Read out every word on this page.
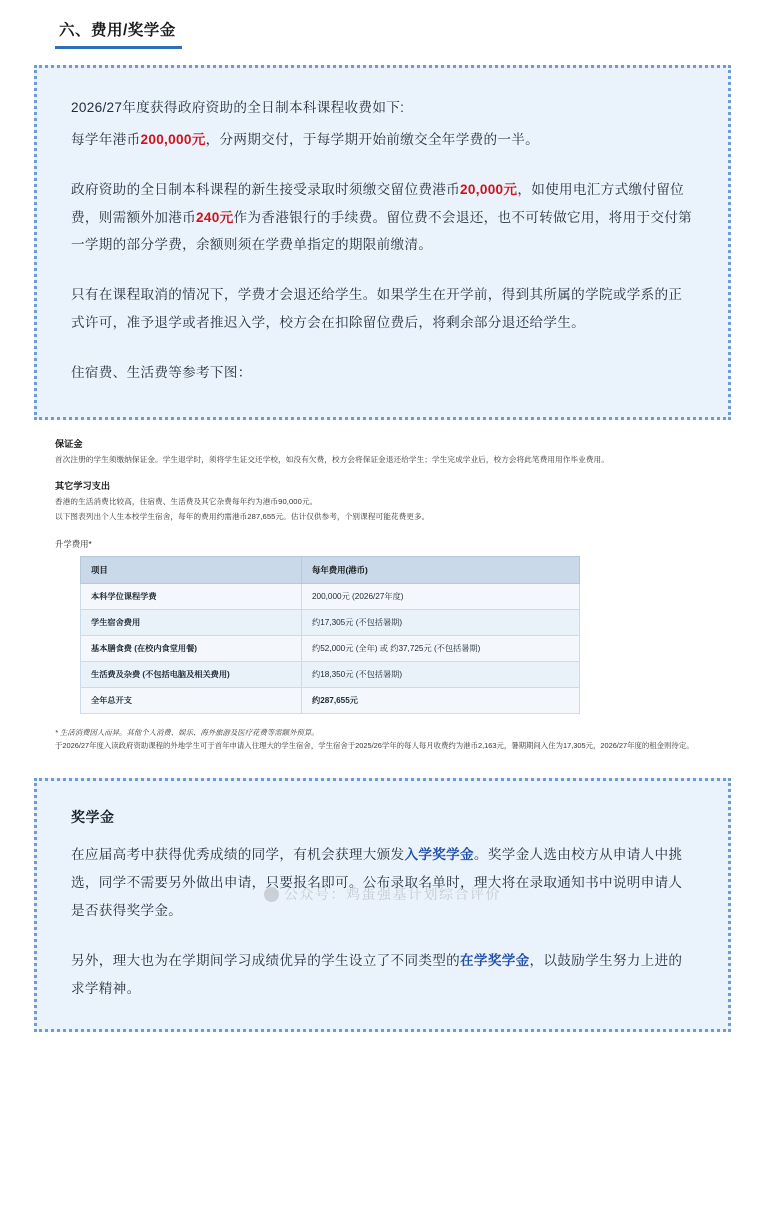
六、费用/奖学金

2026/27年度获得政府资助的全日制本科课程收费如下:

每学年港币200,000元，分两期交付，于每学期开始前缴交全年学费的一半。

政府资助的全日制本科课程的新生接受录取时须缴交留位费港币20,000元，如使用电汇方式缴付留位费，则需额外加港币240元作为香港银行的手续费。留位费不会退还，也不可转做它用，将用于交付第一学期的部分学费，余额则须在学费单指定的期限前缴清。

只有在课程取消的情况下，学费才会退还给学生。如果学生在开学前，得到其所属的学院或学系的正式许可，准予退学或者推迟入学，校方会在扣除留位费后，将剩余部分退还给学生。

住宿费、生活费等参考下图：

保证金
首次注册的学生须缴纳保证金。学生退学时，须将学生证交还学校，如没有欠费，校方会将保证金退还给学生；学生完成学业后，校方会将此笔费用用作毕业费用。
其它学习支出
香港的生活消费比较高，住宿费、生活费及其它杂费每年约为港币90,000元。
以下图表列出个人生本校学生宿舍，每年的费用约需港币287,655元。估计仅供参考，个别课程可能花费更多。
升学费用*
项目	每年费用(港币)
本科学位课程学费	200,000元 (2026/27年度)
学生宿舍费用	约17,305元 (不包括暑期)
基本膳食费 (在校内食堂用餐)	约52,000元 (全年) 或 约37,725元 (不包括暑期)
生活费及杂费 (不包括电脑及相关费用)	约18,350元 (不包括暑期)
全年总开支	约287,655元
* 生活消费因人而异。其他个人消费、娱乐、海外旅游及医疗花费等需额外预算。
于2026/27年度入读政府资助课程的外地学生可于首年申请入住理大的学生宿舍，学生宿舍于2025/26学年的每人每月收费约为港币2,163元，暑期期间入住为17,305元，2026/27年度的租金则待定。
公众号：鸡蛋强基计划综合评价
奖学金

在应届高考中获得优秀成绩的同学，有机会获理大颁发入学奖学金。奖学金人选由校方从申请人中挑选，同学不需要另外做出申请，只要报名即可。公布录取名单时，理大将在录取通知书中说明申请人是否获得奖学金。

另外，理大也为在学期间学习成绩优异的学生设立了不同类型的在学奖学金，以鼓励学生努力上进的求学精神。
